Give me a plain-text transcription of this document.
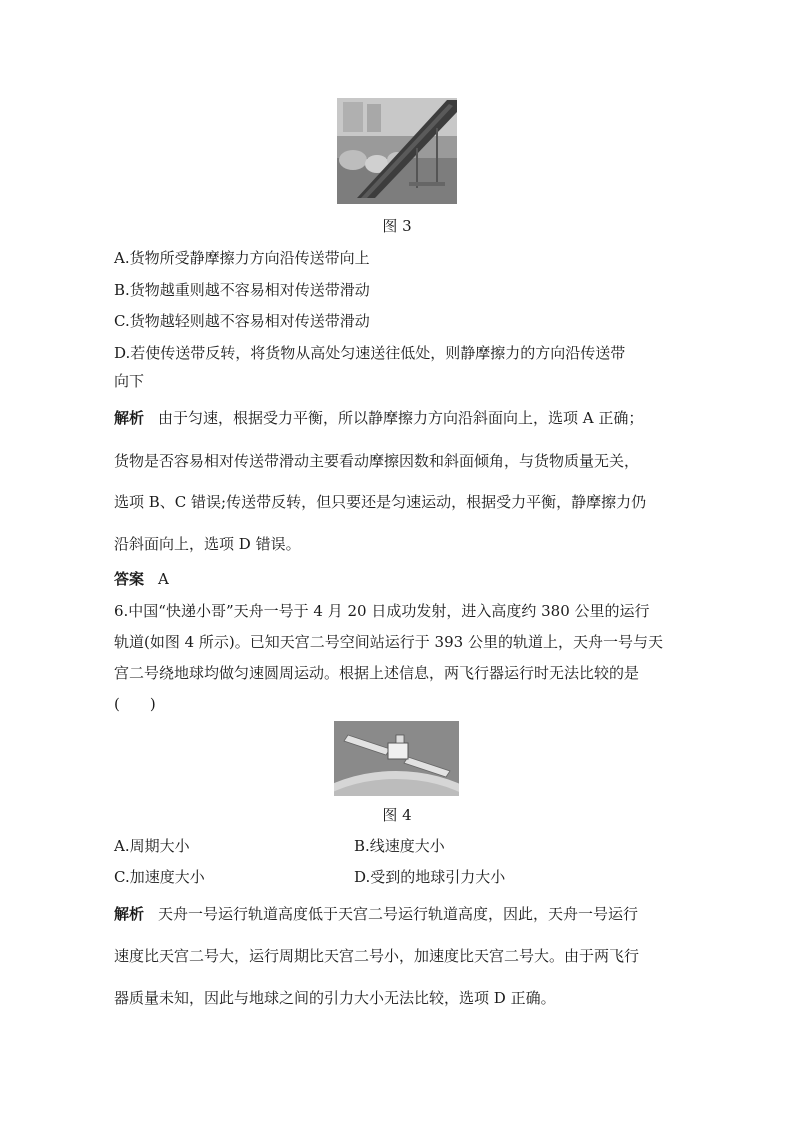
图 3
A.货物所受静摩擦力方向沿传送带向上
B.货物越重则越不容易相对传送带滑动
C.货物越轻则越不容易相对传送带滑动
D.若使传送带反转，将货物从高处匀速送往低处，则静摩擦力的方向沿传送带
向下
解析 由于匀速，根据受力平衡，所以静摩擦力方向沿斜面向上，选项 A 正确；
货物是否容易相对传送带滑动主要看动摩擦因数和斜面倾角，与货物质量无关，
选项 B、C 错误;传送带反转，但只要还是匀速运动，根据受力平衡，静摩擦力仍
沿斜面向上，选项 D 错误。
答案 A
6.中国“快递小哥”天舟一号于 4 月 20 日成功发射，进入高度约 380 公里的运行
轨道(如图 4 所示)。已知天宫二号空间站运行于 393 公里的轨道上，天舟一号与天
宫二号绕地球均做匀速圆周运动。根据上述信息，两飞行器运行时无法比较的是
(　　)
图 4
A.周期大小	B.线速度大小
C.加速度大小	D.受到的地球引力大小
解析 天舟一号运行轨道高度低于天宫二号运行轨道高度，因此，天舟一号运行
速度比天宫二号大，运行周期比天宫二号小，加速度比天宫二号大。由于两飞行
器质量未知，因此与地球之间的引力大小无法比较，选项 D 正确。
